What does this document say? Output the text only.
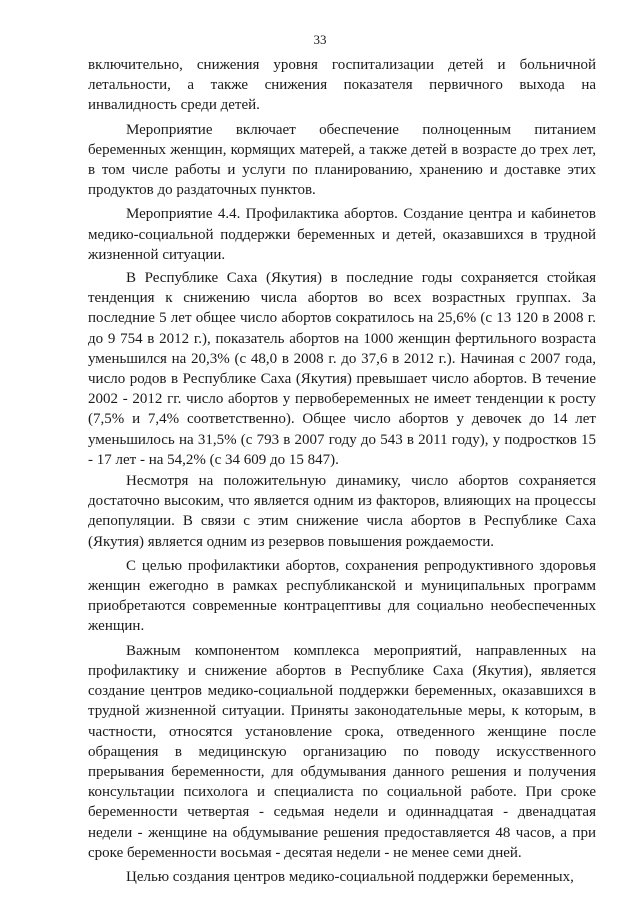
33

включительно, снижения уровня госпитализации детей и больничной летальности, а также снижения показателя первичного выхода на инвалидность среди детей.

Мероприятие включает обеспечение полноценным питанием беременных женщин, кормящих матерей, а также детей в возрасте до трех лет, в том числе работы и услуги по планированию, хранению и доставке этих продуктов до раздаточных пунктов.

Мероприятие 4.4. Профилактика абортов. Создание центра и кабинетов медико-социальной поддержки беременных и детей, оказавшихся в трудной жизненной ситуации.

В Республике Саха (Якутия) в последние годы сохраняется стойкая тенденция к снижению числа абортов во всех возрастных группах. За последние 5 лет общее число абортов сократилось на 25,6% (с 13 120 в 2008 г. до 9 754 в 2012 г.), показатель абортов на 1000 женщин фертильного возраста уменьшился на 20,3% (с 48,0 в 2008 г. до 37,6 в 2012 г.). Начиная с 2007 года, число родов в Республике Саха (Якутия) превышает число абортов. В течение 2002 - 2012 гг. число абортов у первобеременных не имеет тенденции к росту (7,5% и 7,4% соответственно). Общее число абортов у девочек до 14 лет уменьшилось на 31,5% (с 793 в 2007 году до 543 в 2011 году), у подростков 15 - 17 лет - на 54,2% (с 34 609 до 15 847).

Несмотря на положительную динамику, число абортов сохраняется достаточно высоким, что является одним из факторов, влияющих на процессы депопуляции. В связи с этим снижение числа абортов в Республике Саха (Якутия) является одним из резервов повышения рождаемости.

С целью профилактики абортов, сохранения репродуктивного здоровья женщин ежегодно в рамках республиканской и муниципальных программ приобретаются современные контрацептивы для социально необеспеченных женщин.

Важным компонентом комплекса мероприятий, направленных на профилактику и снижение абортов в Республике Саха (Якутия), является создание центров медико-социальной поддержки беременных, оказавшихся в трудной жизненной ситуации. Приняты законодательные меры, к которым, в частности, относятся установление срока, отведенного женщине после обращения в медицинскую организацию по поводу искусственного прерывания беременности, для обдумывания данного решения и получения консультации психолога и специалиста по социальной работе. При сроке беременности четвертая - седьмая недели и одиннадцатая - двенадцатая недели - женщине на обдумывание решения предоставляется 48 часов, а при сроке беременности восьмая - десятая недели - не менее семи дней.

Целью создания центров медико-социальной поддержки беременных,
